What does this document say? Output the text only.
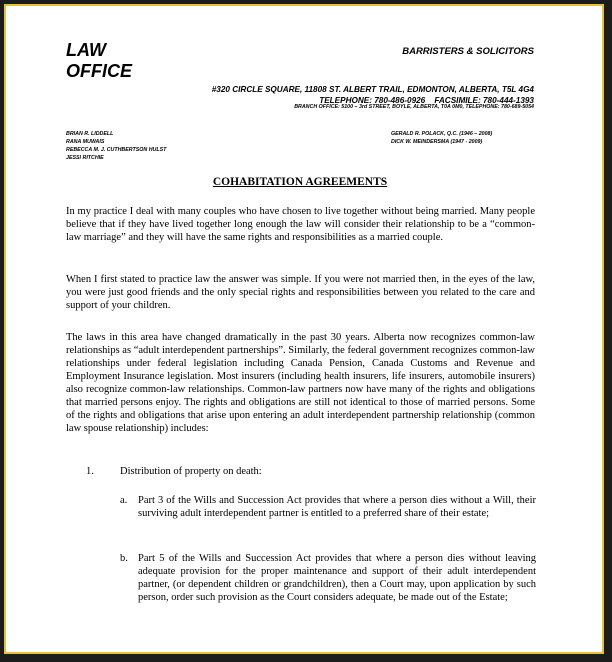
LAW
OFFICE
BARRISTERS & SOLICITORS
#320 CIRCLE SQUARE, 11808 ST. ALBERT TRAIL, EDMONTON, ALBERTA, T5L 4G4
TELEPHONE: 780-486-0926    FACSIMILE: 780-444-1393
BRANCH OFFICE: 5100 – 3rd STREET, BOYLE, ALBERTA, T0A 0M0, TELEPHONE: 780-689-5054
BRIAN R. LIDDELL
RANA MUWAIS
REBECCA M. J. CUTHBERTSON HULST
JESSI RITCHIE
GERALD R. POLACK, Q.C. (1946 – 2008)
DICK W. MEINDERSMA (1947 - 2009)
COHABITATION AGREEMENTS
In my practice I deal with many couples who have chosen to live together without being married. Many people believe that if they have lived together long enough the law will consider their relationship to be a “common-law marriage” and they will have the same rights and responsibilities as a married couple.
When I first stated to practice law the answer was simple. If you were not married then, in the eyes of the law, you were just good friends and the only special rights and responsibilities between you related to the care and support of your children.
The laws in this area have changed dramatically in the past 30 years. Alberta now recognizes common-law relationships as “adult interdependent partnerships”. Similarly, the federal government recognizes common-law relationships under federal legislation including Canada Pension, Canada Customs and Revenue and Employment Insurance legislation. Most insurers (including health insurers, life insurers, automobile insurers) also recognize common-law relationships. Common-law partners now have many of the rights and obligations that married persons enjoy. The rights and obligations are still not identical to those of married persons. Some of the rights and obligations that arise upon entering an adult interdependent partnership relationship (common law spouse relationship) includes:
1. Distribution of property on death:
a. Part 3 of the Wills and Succession Act provides that where a person dies without a Will, their surviving adult interdependent partner is entitled to a preferred share of their estate;
b. Part 5 of the Wills and Succession Act provides that where a person dies without leaving adequate provision for the proper maintenance and support of their adult interdependent partner, (or dependent children or grandchildren), then a Court may, upon application by such person, order such provision as the Court considers adequate, be made out of the Estate;
